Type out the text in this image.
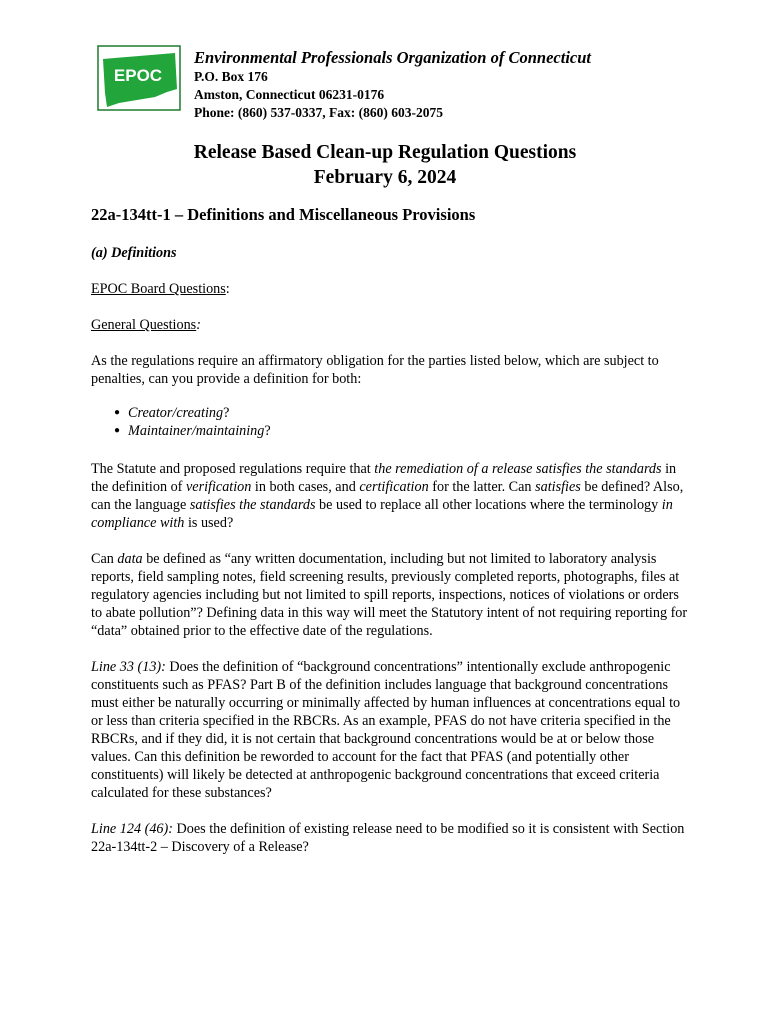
EPOC
Environmental Professionals Organization of Connecticut
P.O. Box 176
Amston, Connecticut 06231-0176
Phone: (860) 537-0337, Fax: (860) 603-2075
Release Based Clean-up Regulation Questions
February 6, 2024
22a-134tt-1 – Definitions and Miscellaneous Provisions

(a) Definitions

EPOC Board Questions:

General Questions:

As the regulations require an affirmatory obligation for the parties listed below, which are subject to penalties, can you provide a definition for both:

● Creator/creating?
● Maintainer/maintaining?

The Statute and proposed regulations require that the remediation of a release satisfies the standards in the definition of verification in both cases, and certification for the latter. Can satisfies be defined? Also, can the language satisfies the standards be used to replace all other locations where the terminology in compliance with is used?

Can data be defined as “any written documentation, including but not limited to laboratory analysis reports, field sampling notes, field screening results, previously completed reports, photographs, files at regulatory agencies including but not limited to spill reports, inspections, notices of violations or orders to abate pollution”? Defining data in this way will meet the Statutory intent of not requiring reporting for “data” obtained prior to the effective date of the regulations.

Line 33 (13): Does the definition of “background concentrations” intentionally exclude anthropogenic constituents such as PFAS? Part B of the definition includes language that background concentrations must either be naturally occurring or minimally affected by human influences at concentrations equal to or less than criteria specified in the RBCRs. As an example, PFAS do not have criteria specified in the RBCRs, and if they did, it is not certain that background concentrations would be at or below those values. Can this definition be reworded to account for the fact that PFAS (and potentially other constituents) will likely be detected at anthropogenic background concentrations that exceed criteria calculated for these substances?

Line 124 (46): Does the definition of existing release need to be modified so it is consistent with Section 22a-134tt-2 – Discovery of a Release?
